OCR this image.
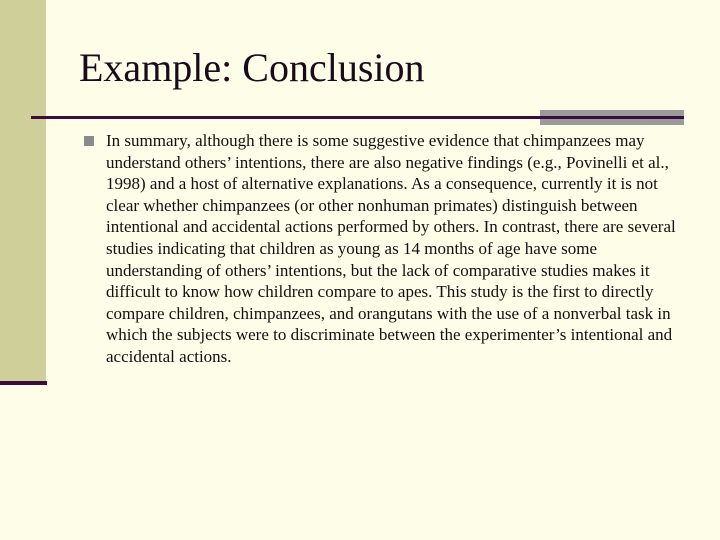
Example: Conclusion
In summary, although there is some suggestive evidence that chimpanzees may understand others’ intentions, there are also negative findings (e.g., Povinelli et al., 1998) and a host of alternative explanations. As a consequence, currently it is not clear whether chimpanzees (or other nonhuman primates) distinguish between intentional and accidental actions performed by others. In contrast, there are several studies indicating that children as young as 14 months of age have some understanding of others’ intentions, but the lack of comparative studies makes it difficult to know how children compare to apes. This study is the first to directly compare children, chimpanzees, and orangutans with the use of a nonverbal task in which the subjects were to discriminate between the experimenter’s intentional and accidental actions.
